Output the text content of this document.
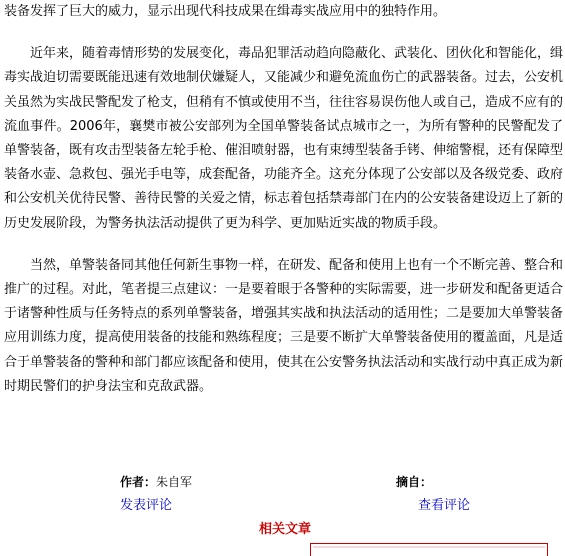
装备发挥了巨大的威力，显示出现代科技成果在缉毒实战应用中的独特作用。

近年来，随着毒情形势的发展变化，毒品犯罪活动趋向隐蔽化、武装化、团伙化和智能化，缉毒实战迫切需要既能迅速有效地制伏嫌疑人，又能减少和避免流血伤亡的武器装备。过去，公安机关虽然为实战民警配发了枪支，但稍有不慎或使用不当，往往容易误伤他人或自己，造成不应有的流血事件。2006年，襄樊市被公安部列为全国单警装备试点城市之一，为所有警种的民警配发了单警装备，既有攻击型装备左轮手枪、催泪喷射器，也有束缚型装备手铐、伸缩警棍，还有保障型装备水壶、急救包、强光手电等，成套配备，功能齐全。这充分体现了公安部以及各级党委、政府和公安机关优待民警、善待民警的关爱之情，标志着包括禁毒部门在内的公安装备建设迈上了新的历史发展阶段，为警务执法活动提供了更为科学、更加贴近实战的物质手段。

当然，单警装备同其他任何新生事物一样，在研发、配备和使用上也有一个不断完善、整合和推广的过程。对此，笔者提三点建议：一是要着眼于各警种的实际需要，进一步研发和配备更适合于诸警种性质与任务特点的系列单警装备，增强其实战和执法活动的适用性；二是要加大单警装备应用训练力度，提高使用装备的技能和熟练程度；三是要不断扩大单警装备使用的覆盖面，凡是适合于单警装备的警种和部门都应该配备和使用，使其在公安警务执法活动和实战行动中真正成为新时期民警们的护身法宝和克敌武器。

作者：朱自军	摘自：
发表评论	查看评论
相关文章
